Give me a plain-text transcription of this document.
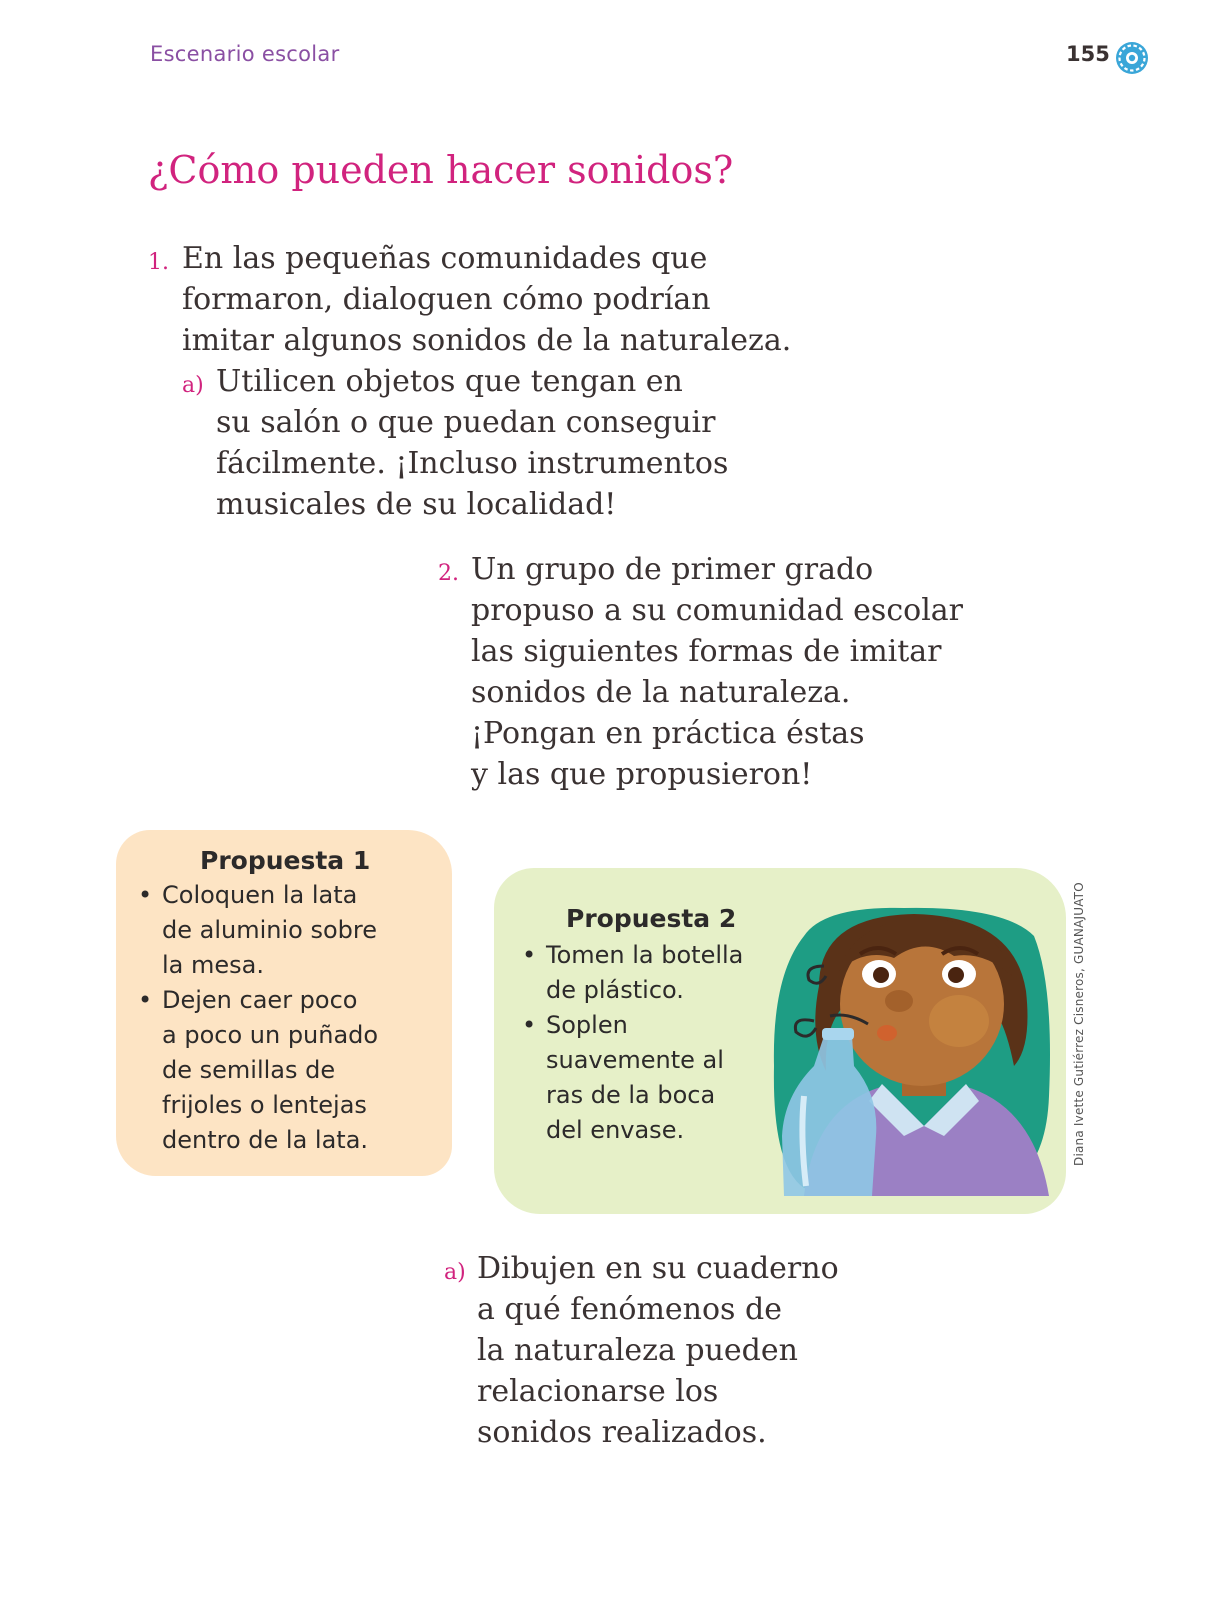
Escenario escolar	155
¿Cómo pueden hacer sonidos?
1. En las pequeñas comunidades que
formaron, dialoguen cómo podrían
imitar algunos sonidos de la naturaleza.
a) Utilicen objetos que tengan en
su salón o que puedan conseguir
fácilmente. ¡Incluso instrumentos
musicales de su localidad!
2. Un grupo de primer grado
propuso a su comunidad escolar
las siguientes formas de imitar
sonidos de la naturaleza.
¡Pongan en práctica éstas
y las que propusieron!
Propuesta 1
• Coloquen la lata
de aluminio sobre
la mesa.
• Dejen caer poco
a poco un puñado
de semillas de
frijoles o lentejas
dentro de la lata.
Propuesta 2
• Tomen la botella
de plástico.
• Soplen
suavemente al
ras de la boca
del envase.	Diana Ivette Gutiérrez Cisneros, GUANAJUATO
a) Dibujen en su cuaderno
a qué fenómenos de
la naturaleza pueden
relacionarse los
sonidos realizados.
